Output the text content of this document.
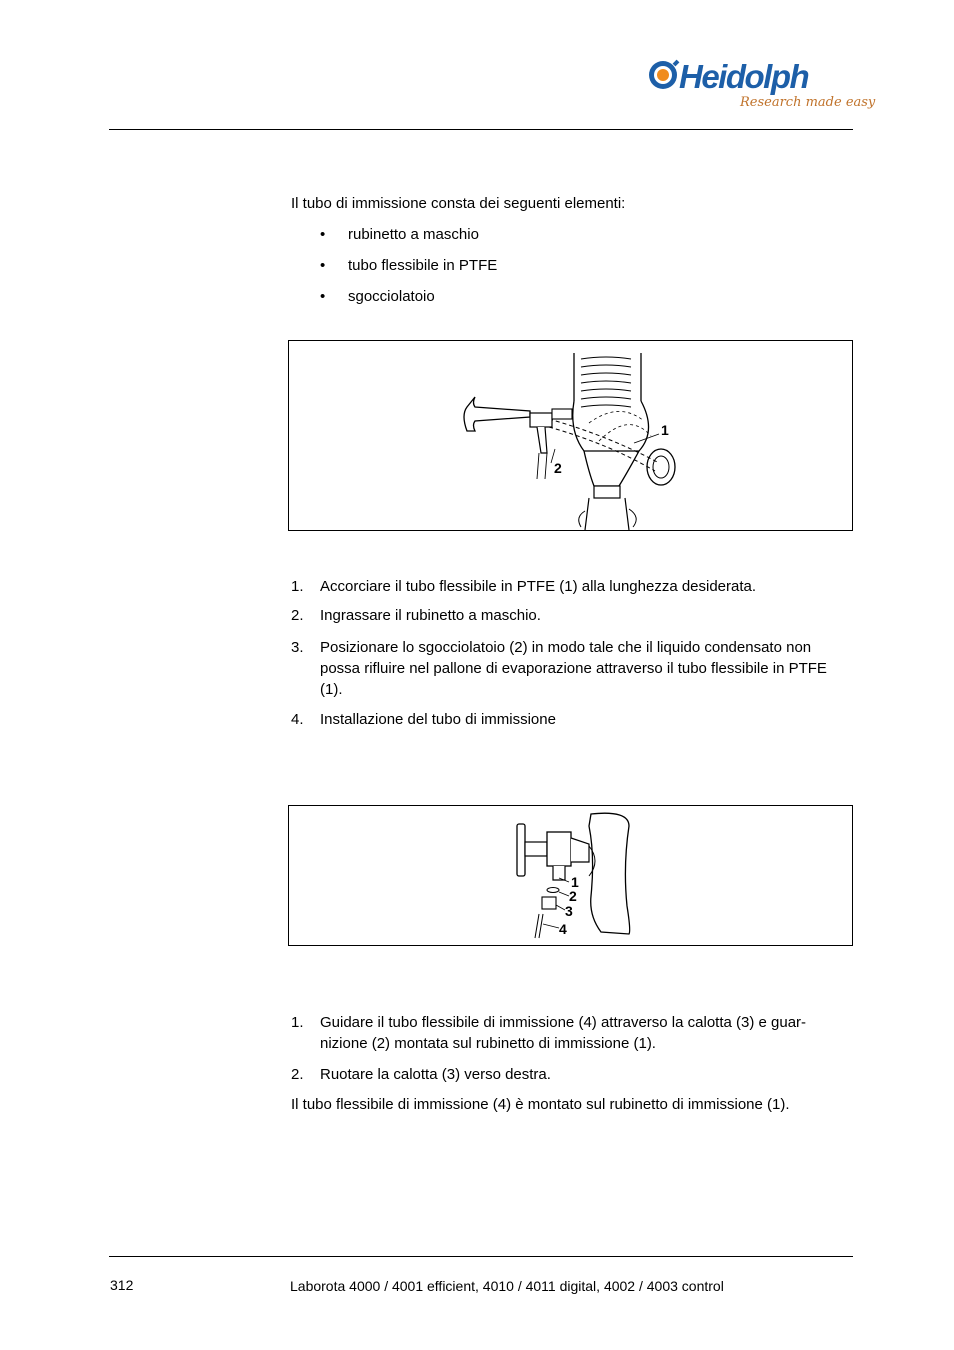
Heidolph
Research made easy
Il tubo di immissione consta dei seguenti elementi:
• rubinetto a maschio
• tubo flessibile in PTFE
• sgocciolatoio
1
2
1. Accorciare il tubo flessibile in PTFE (1) alla lunghezza desiderata.
2. Ingrassare il rubinetto a maschio.
3. Posizionare lo sgocciolatoio (2) in modo tale che il liquido condensato non possa rifluire nel pallone di evaporazione attraverso il tubo flessibile in PTFE (1).
4. Installazione del tubo di immissione
1
2
3
4
1. Guidare il tubo flessibile di immissione (4) attraverso la calotta (3) e guar-nizione (2) montata sul rubinetto di immissione (1).
2. Ruotare la calotta (3) verso destra.
Il tubo flessibile di immissione (4) è montato sul rubinetto di immissione (1).
312	Laborota 4000 / 4001 efficient, 4010 / 4011 digital, 4002 / 4003 control
